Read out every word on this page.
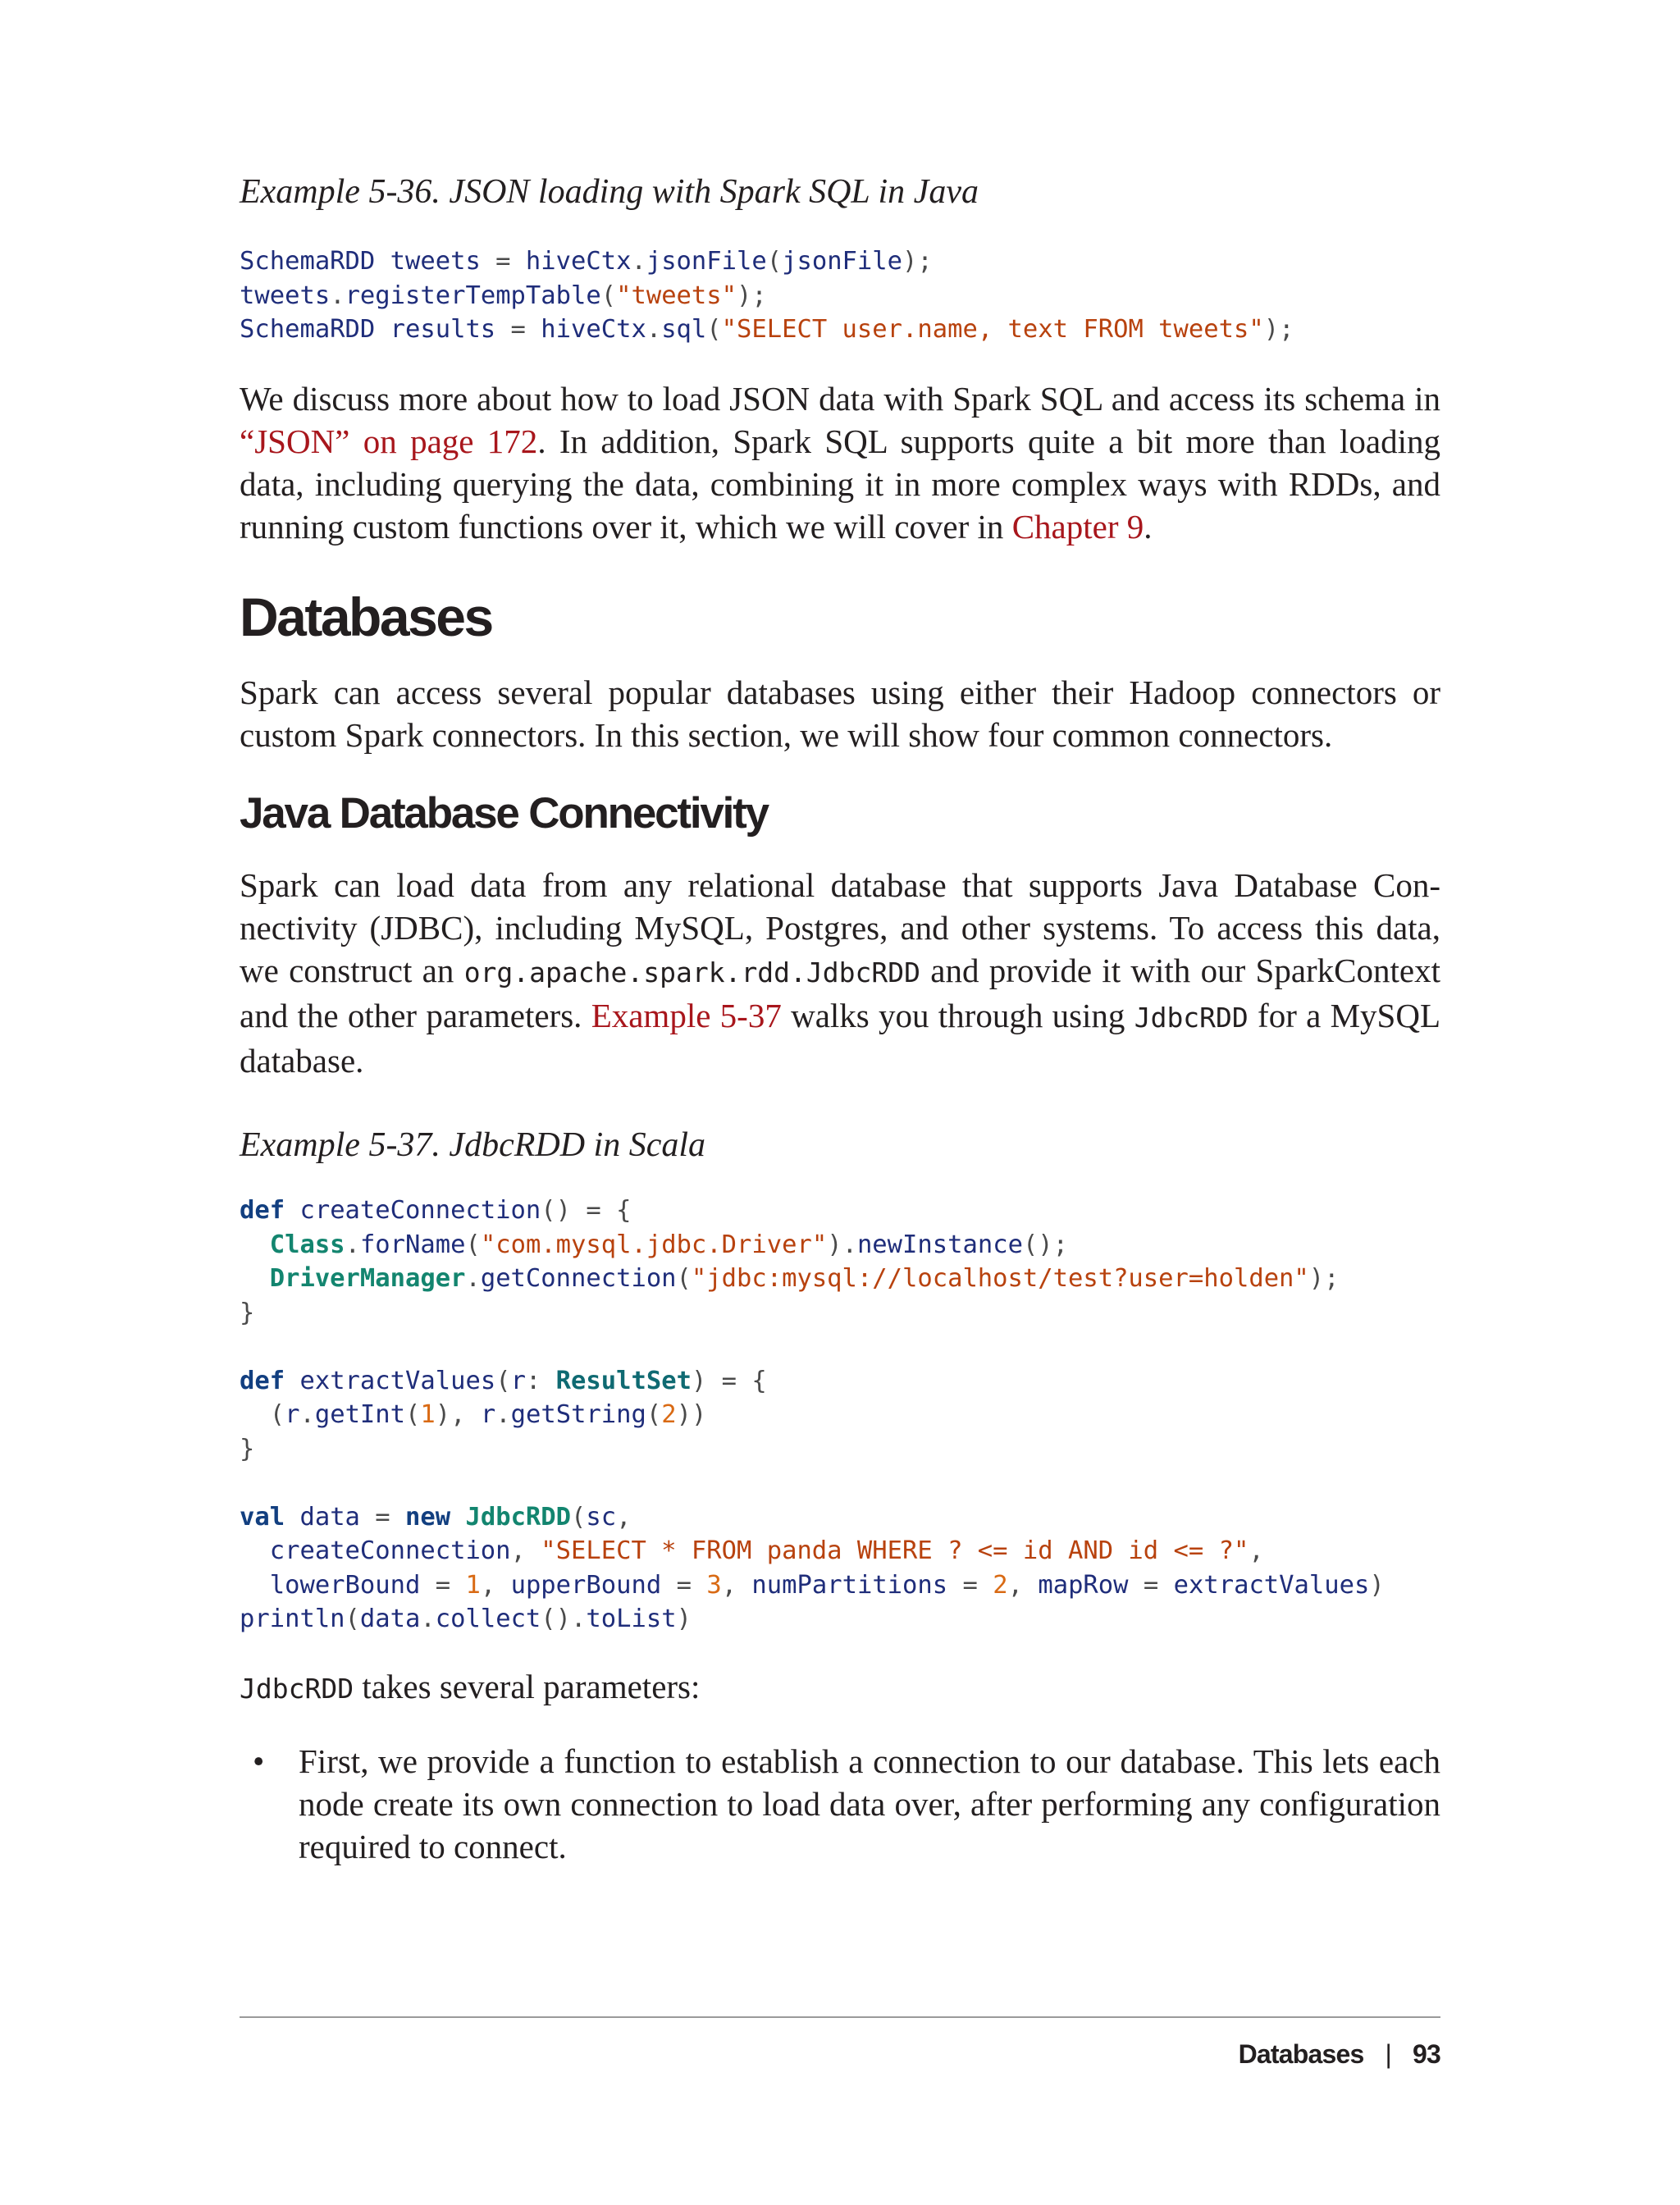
Example 5-36. JSON loading with Spark SQL in Java

SchemaRDD tweets = hiveCtx.jsonFile(jsonFile);
tweets.registerTempTable("tweets");
SchemaRDD results = hiveCtx.sql("SELECT user.name, text FROM tweets");

We discuss more about how to load JSON data with Spark SQL and access its schema in “JSON” on page 172. In addition, Spark SQL supports quite a bit more than loading data, including querying the data, combining it in more complex ways with RDDs, and running custom functions over it, which we will cover in Chapter 9.

Databases

Spark can access several popular databases using either their Hadoop connectors or custom Spark connectors. In this section, we will show four common connectors.

Java Database Connectivity

Spark can load data from any relational database that supports Java Database Connectivity (JDBC), including MySQL, Postgres, and other systems. To access this data, we construct an org.apache.spark.rdd.JdbcRDD and provide it with our SparkContext and the other parameters. Example 5-37 walks you through using JdbcRDD for a MySQL database.

Example 5-37. JdbcRDD in Scala

def createConnection() = {
Class.forName("com.mysql.jdbc.Driver").newInstance();
DriverManager.getConnection("jdbc:mysql://localhost/test?user=holden");
}
def extractValues(r: ResultSet) = {
(r.getInt(1), r.getString(2))
}
val data = new JdbcRDD(sc,
createConnection, "SELECT * FROM panda WHERE ? <= id AND id <= ?",
lowerBound = 1, upperBound = 3, numPartitions = 2, mapRow = extractValues)
println(data.collect().toList)

JdbcRDD takes several parameters:

• First, we provide a function to establish a connection to our database. This lets each node create its own connection to load data over, after performing any configuration required to connect.
Databases | 93
